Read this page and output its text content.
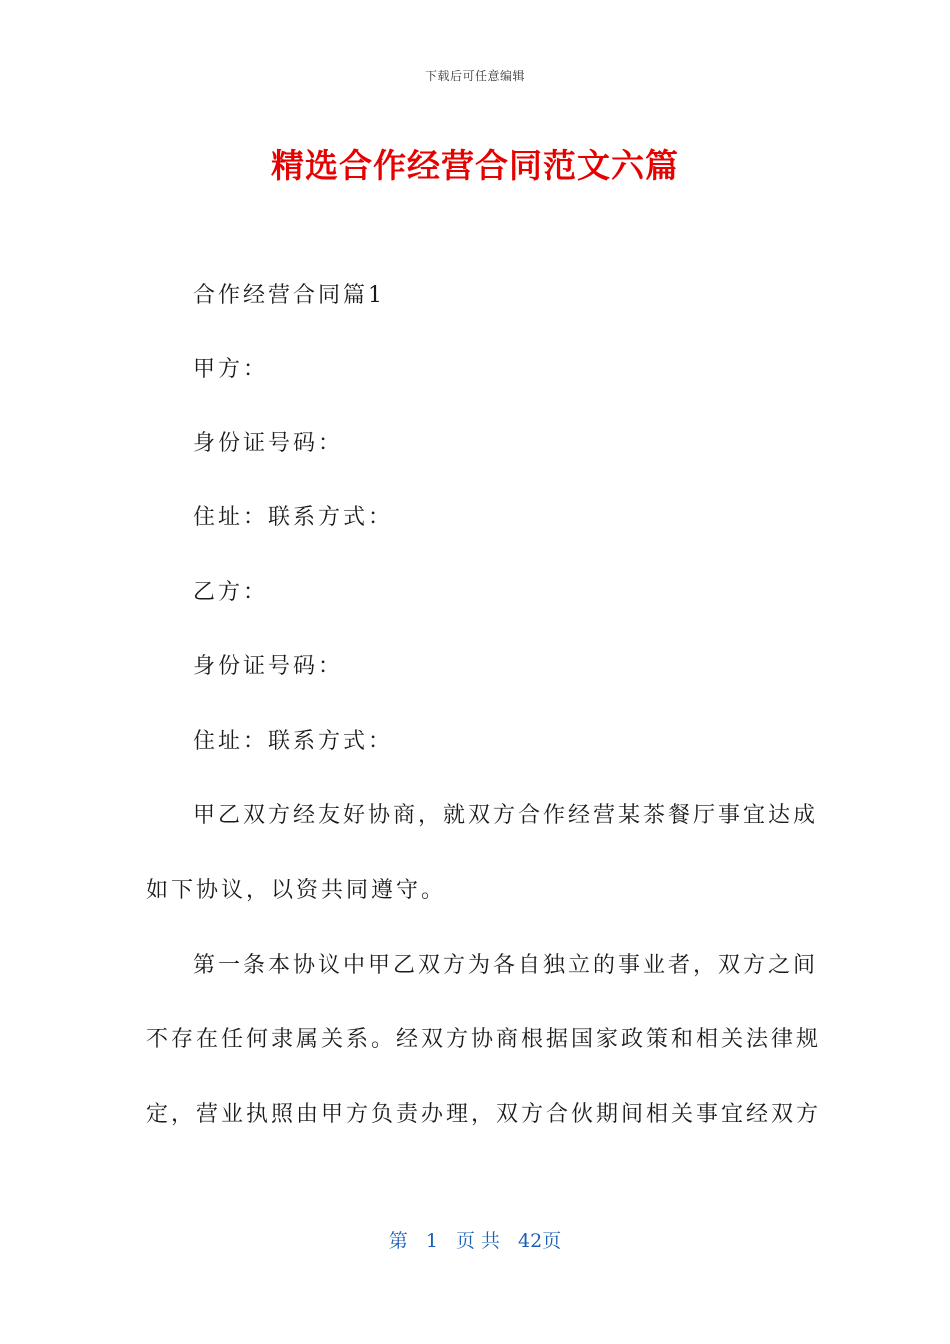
下载后可任意编辑
精选合作经营合同范文六篇
合作经营合同篇1
甲方：
身份证号码：
住址：联系方式：
乙方：
身份证号码：
住址：联系方式：
甲乙双方经友好协商，就双方合作经营某茶餐厅事宜达成
如下协议，以资共同遵守。
第一条本协议中甲乙双方为各自独立的事业者，双方之间
不存在任何隶属关系。经双方协商根据国家政策和相关法律规
定，营业执照由甲方负责办理，双方合伙期间相关事宜经双方
第 1 页 共 42页
